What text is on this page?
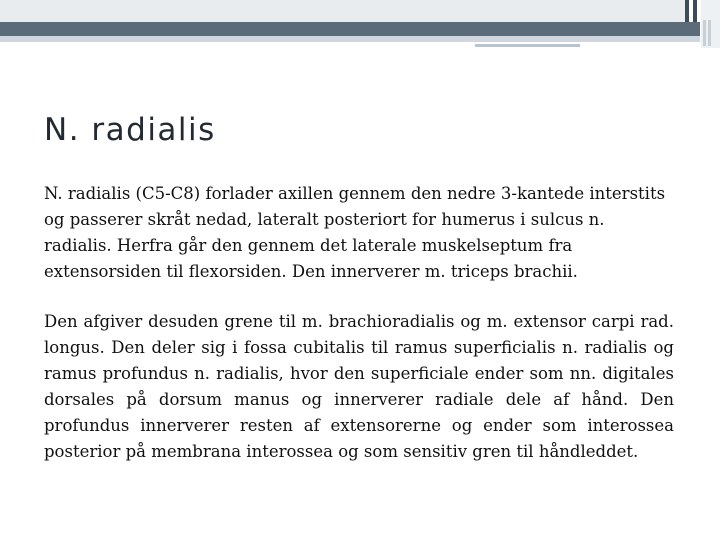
N. radialis

N. radialis (C5-C8) forlader axillen gennem den nedre 3-kantede interstits og passerer skråt nedad, lateralt posteriort for humerus i sulcus n. radialis. Herfra går den gennem det laterale muskelseptum fra extensorsiden til flexorsiden. Den innerverer m. triceps brachii.

Den afgiver desuden grene til m. brachioradialis og m. extensor carpi rad. longus. Den deler sig i fossa cubitalis til ramus superficialis n. radialis og ramus profundus n. radialis, hvor den superficiale ender som nn. digitales dorsales på dorsum manus og innerverer radiale dele af hånd. Den profundus innerverer resten af extensorerne og ender som interossea posterior på membrana interossea og som sensitiv gren til håndleddet.
